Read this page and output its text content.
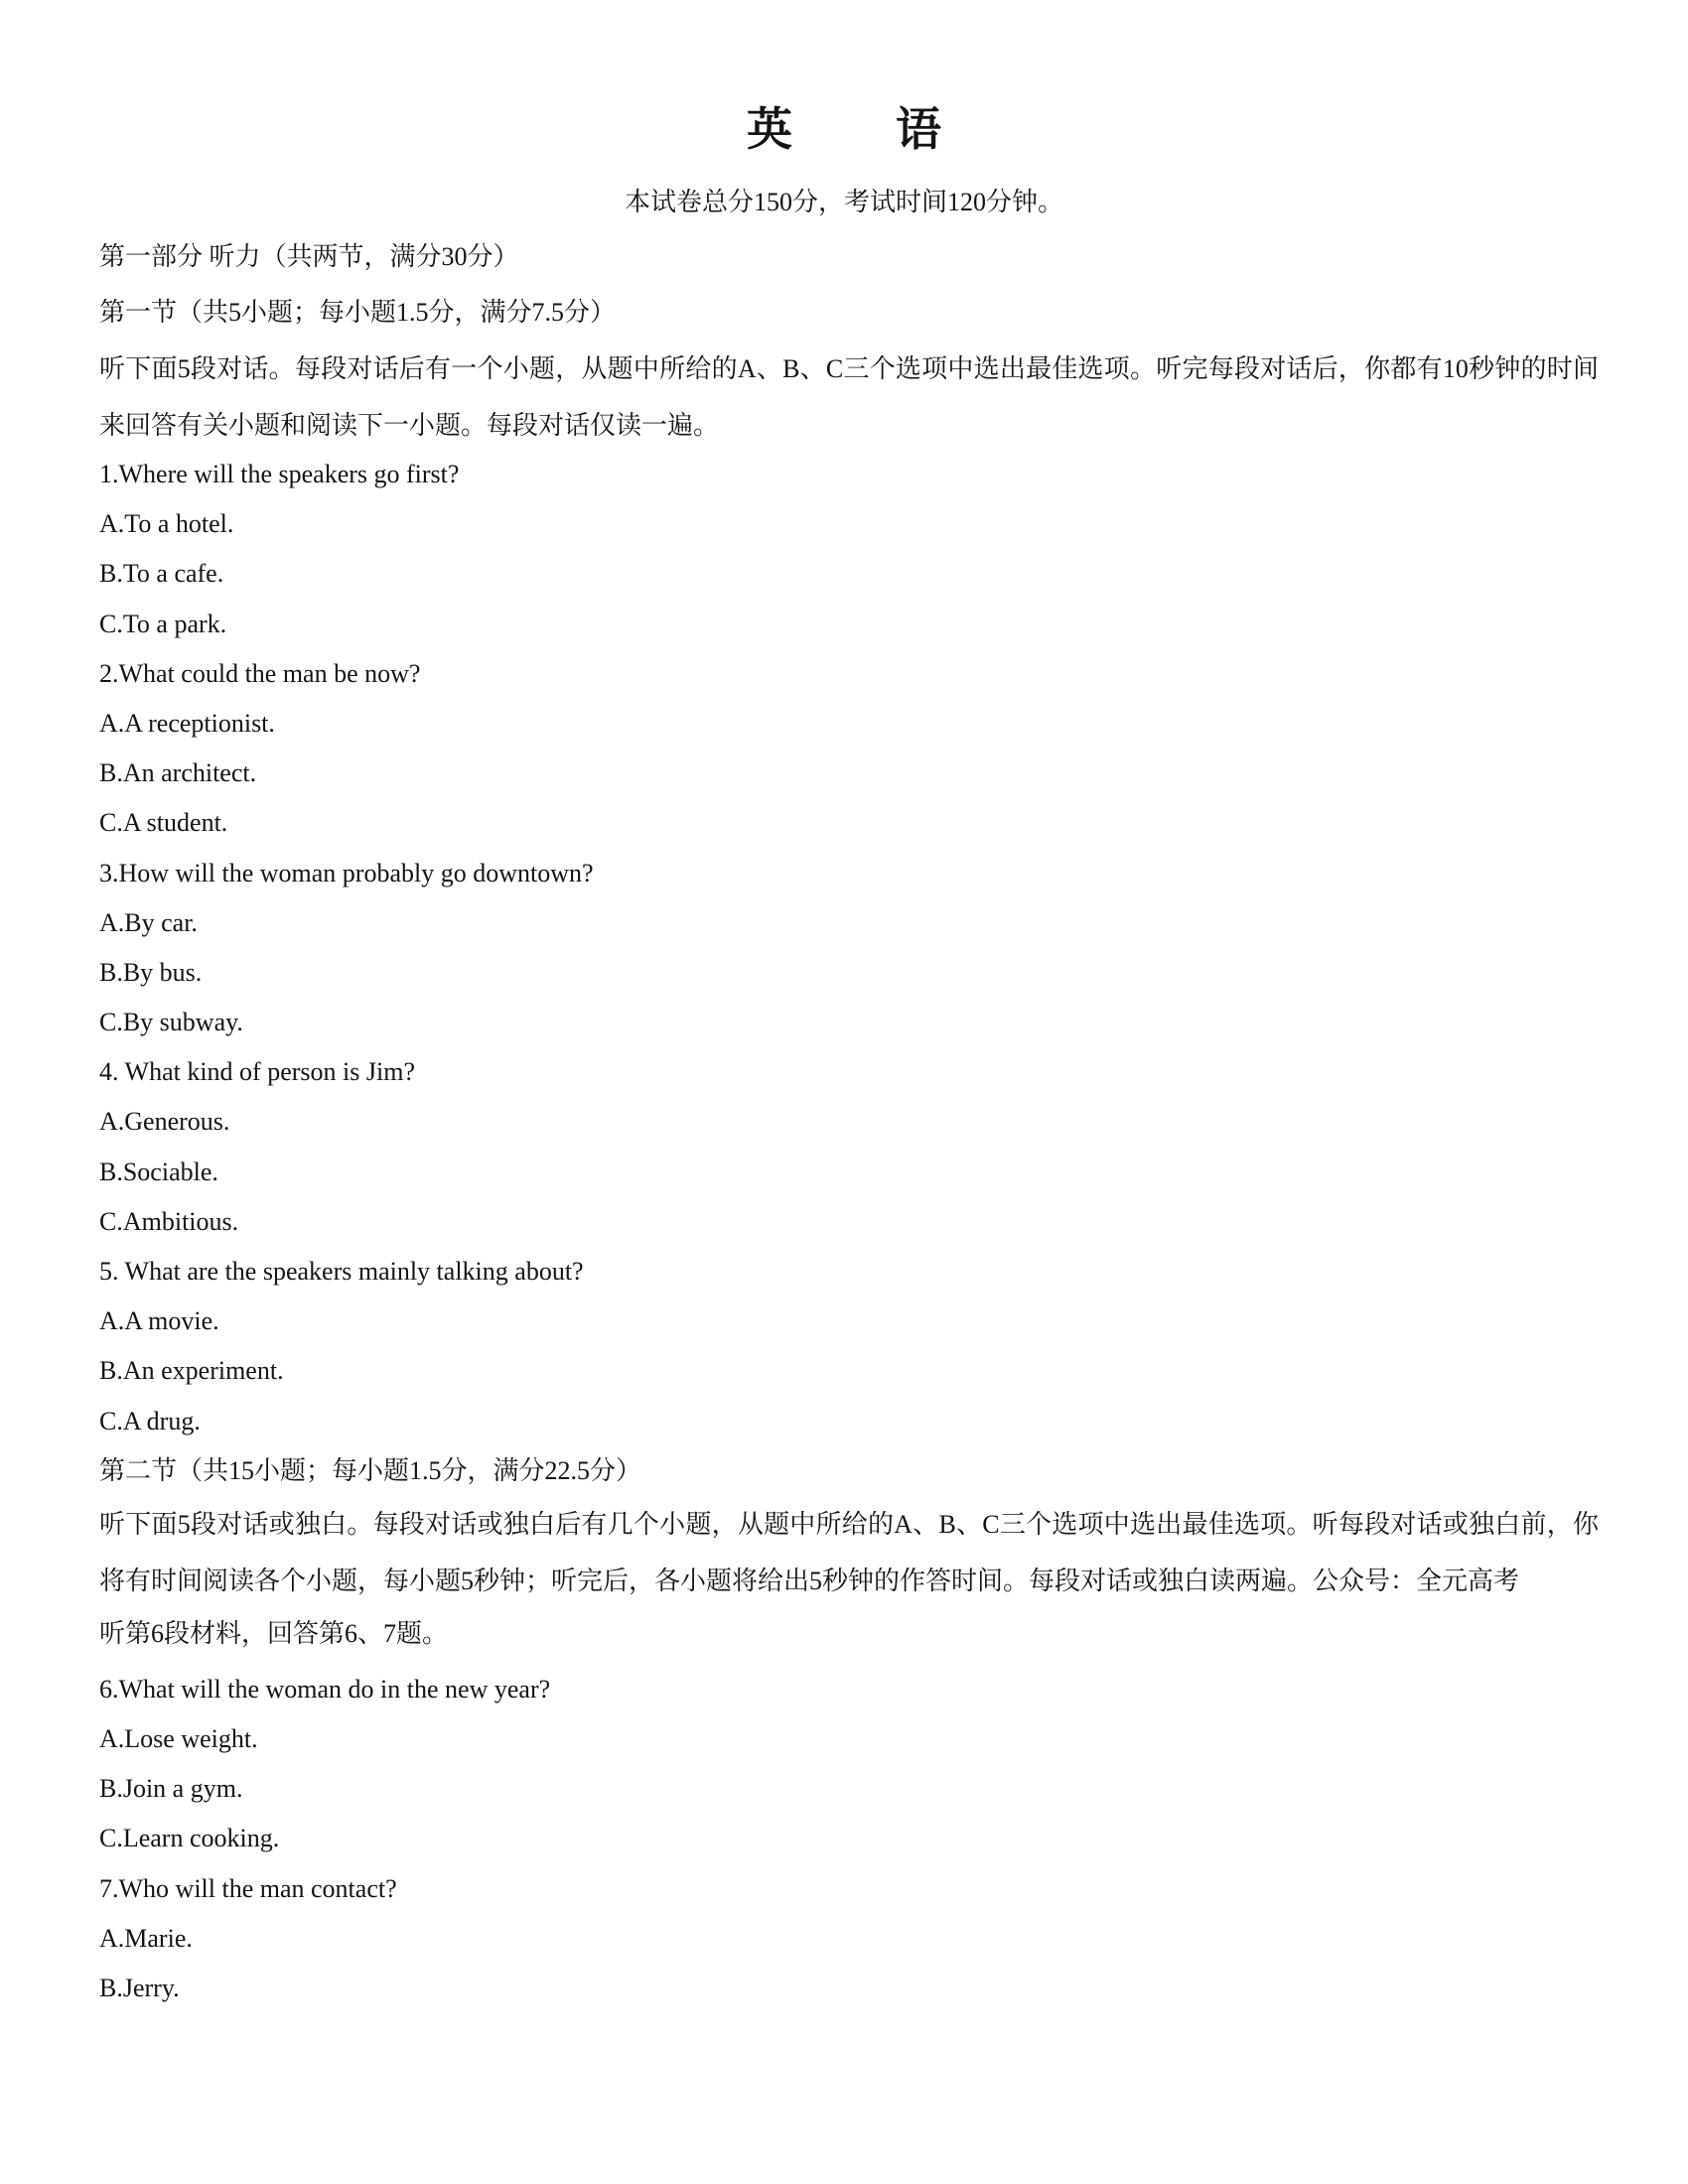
英 语
本试卷总分150分，考试时间120分钟。
第一部分 听力（共两节，满分30分）
第一节（共5小题；每小题1.5分，满分7.5分）
听下面5段对话。每段对话后有一个小题，从题中所给的A、B、C三个选项中选出最佳选项。听完每段对话后，你都有10秒钟的时间来回答有关小题和阅读下一小题。每段对话仅读一遍。
1.Where will the speakers go first?
A.To a hotel.
B.To a cafe.
C.To a park.
2.What could the man be now?
A.A receptionist.
B.An architect.
C.A student.
3.How will the woman probably go downtown?
A.By car.
B.By bus.
C.By subway.
4. What kind of person is Jim?
A.Generous.
B.Sociable.
C.Ambitious.
5. What are the speakers mainly talking about?
A.A movie.
B.An experiment.
C.A drug.
第二节（共15小题；每小题1.5分，满分22.5分）
听下面5段对话或独白。每段对话或独白后有几个小题，从题中所给的A、B、C三个选项中选出最佳选项。听每段对话或独白前，你将有时间阅读各个小题，每小题5秒钟；听完后，各小题将给出5秒钟的作答时间。每段对话或独白读两遍。公众号：全元高考
听第6段材料，回答第6、7题。
6.What will the woman do in the new year?
A.Lose weight.
B.Join a gym.
C.Learn cooking.
7.Who will the man contact?
A.Marie.
B.Jerry.
